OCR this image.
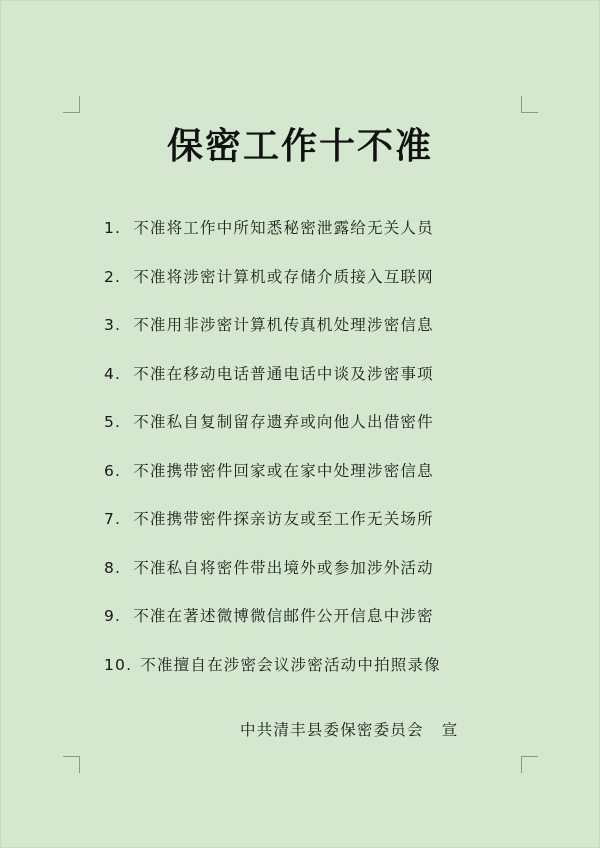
保密工作十不准
1. 不准将工作中所知悉秘密泄露给无关人员
2. 不准将涉密计算机或存储介质接入互联网
3. 不准用非涉密计算机传真机处理涉密信息
4. 不准在移动电话普通电话中谈及涉密事项
5. 不准私自复制留存遗弃或向他人出借密件
6. 不准携带密件回家或在家中处理涉密信息
7. 不准携带密件探亲访友或至工作无关场所
8. 不准私自将密件带出境外或参加涉外活动
9. 不准在著述微博微信邮件公开信息中涉密
10. 不准擅自在涉密会议涉密活动中拍照录像
中共清丰县委保密委员会 宣
